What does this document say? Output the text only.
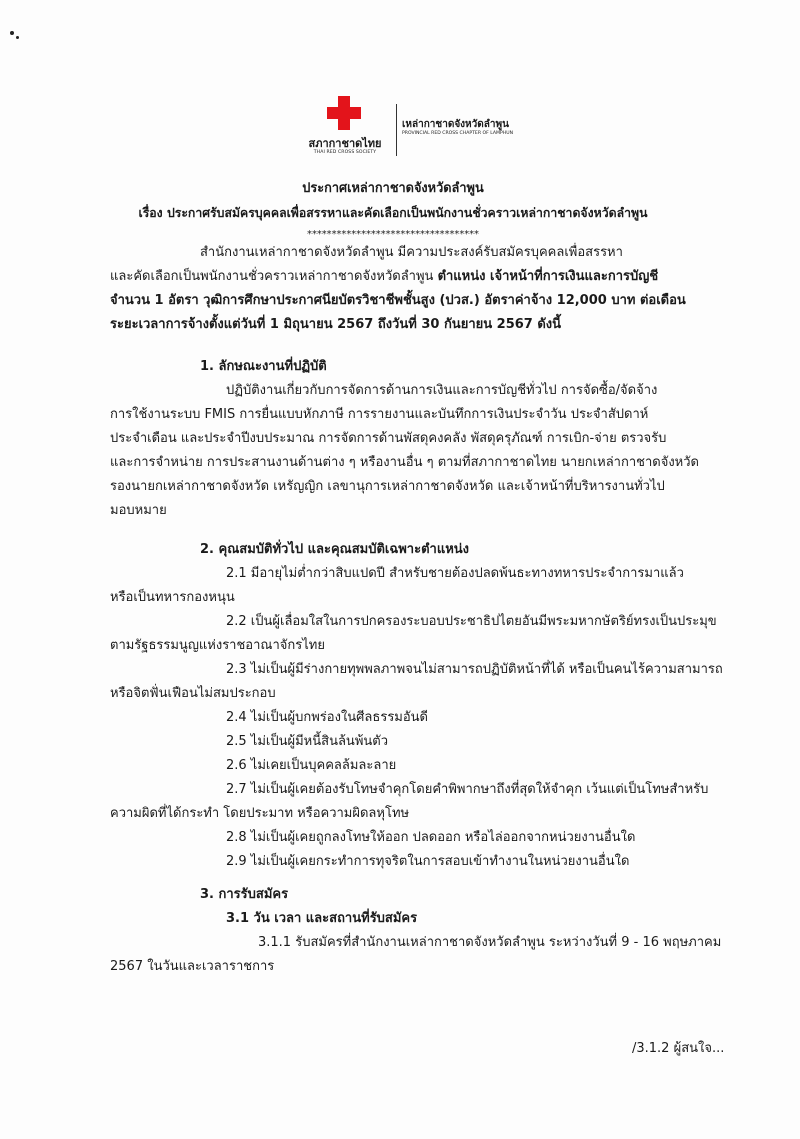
สภากาชาดไทย
THAI RED CROSS SOCIETY
เหล่ากาชาดจังหวัดลำพูน
PROVINCIAL RED CROSS CHAPTER OF LAMPHUN
ประกาศเหล่ากาชาดจังหวัดลำพูน
เรื่อง ประกาศรับสมัครบุคคลเพื่อสรรหาและคัดเลือกเป็นพนักงานชั่วคราวเหล่ากาชาดจังหวัดลำพูน
***********************************
สำนักงานเหล่ากาชาดจังหวัดลำพูน มีความประสงค์รับสมัครบุคคลเพื่อสรรหา
และคัดเลือกเป็นพนักงานชั่วคราวเหล่ากาชาดจังหวัดลำพูน ตำแหน่ง เจ้าหน้าที่การเงินและการบัญชี
จำนวน 1 อัตรา วุฒิการศึกษาประกาศนียบัตรวิชาชีพชั้นสูง (ปวส.) อัตราค่าจ้าง 12,000 บาท ต่อเดือน
ระยะเวลาการจ้างตั้งแต่วันที่ 1 มิถุนายน 2567 ถึงวันที่ 30 กันยายน 2567 ดังนี้
1. ลักษณะงานที่ปฏิบัติ
ปฏิบัติงานเกี่ยวกับการจัดการด้านการเงินและการบัญชีทั่วไป การจัดซื้อ/จัดจ้าง
การใช้งานระบบ FMIS การยื่นแบบหักภาษี การรายงานและบันทึกการเงินประจำวัน ประจำสัปดาห์
ประจำเดือน และประจำปีงบประมาณ การจัดการด้านพัสดุคงคลัง พัสดุครุภัณฑ์ การเบิก-จ่าย ตรวจรับ
และการจำหน่าย การประสานงานด้านต่าง ๆ หรืองานอื่น ๆ ตามที่สภากาชาดไทย นายกเหล่ากาชาดจังหวัด
รองนายกเหล่ากาชาดจังหวัด เหรัญญิก เลขานุการเหล่ากาชาดจังหวัด และเจ้าหน้าที่บริหารงานทั่วไป
มอบหมาย
2. คุณสมบัติทั่วไป และคุณสมบัติเฉพาะตำแหน่ง
2.1 มีอายุไม่ต่ำกว่าสิบแปดปี สำหรับชายต้องปลดพ้นธะทางทหารประจำการมาแล้ว
หรือเป็นทหารกองหนุน
2.2 เป็นผู้เลื่อมใสในการปกครองระบอบประชาธิปไตยอันมีพระมหากษัตริย์ทรงเป็นประมุข
ตามรัฐธรรมนูญแห่งราชอาณาจักรไทย
2.3 ไม่เป็นผู้มีร่างกายทุพพลภาพจนไม่สามารถปฏิบัติหน้าที่ได้ หรือเป็นคนไร้ความสามารถ
หรือจิตฟั่นเฟือนไม่สมประกอบ
2.4 ไม่เป็นผู้บกพร่องในศีลธรรมอันดี
2.5 ไม่เป็นผู้มีหนี้สินล้นพ้นตัว
2.6 ไม่เคยเป็นบุคคลล้มละลาย
2.7 ไม่เป็นผู้เคยต้องรับโทษจำคุกโดยคำพิพากษาถึงที่สุดให้จำคุก เว้นแต่เป็นโทษสำหรับ
ความผิดที่ได้กระทำ โดยประมาท หรือความผิดลหุโทษ
2.8 ไม่เป็นผู้เคยถูกลงโทษให้ออก ปลดออก หรือไล่ออกจากหน่วยงานอื่นใด
2.9 ไม่เป็นผู้เคยกระทำการทุจริตในการสอบเข้าทำงานในหน่วยงานอื่นใด
3. การรับสมัคร
3.1 วัน เวลา และสถานที่รับสมัคร
3.1.1 รับสมัครที่สำนักงานเหล่ากาชาดจังหวัดลำพูน ระหว่างวันที่ 9 - 16 พฤษภาคม
2567 ในวันและเวลาราชการ
/3.1.2 ผู้สนใจ...
